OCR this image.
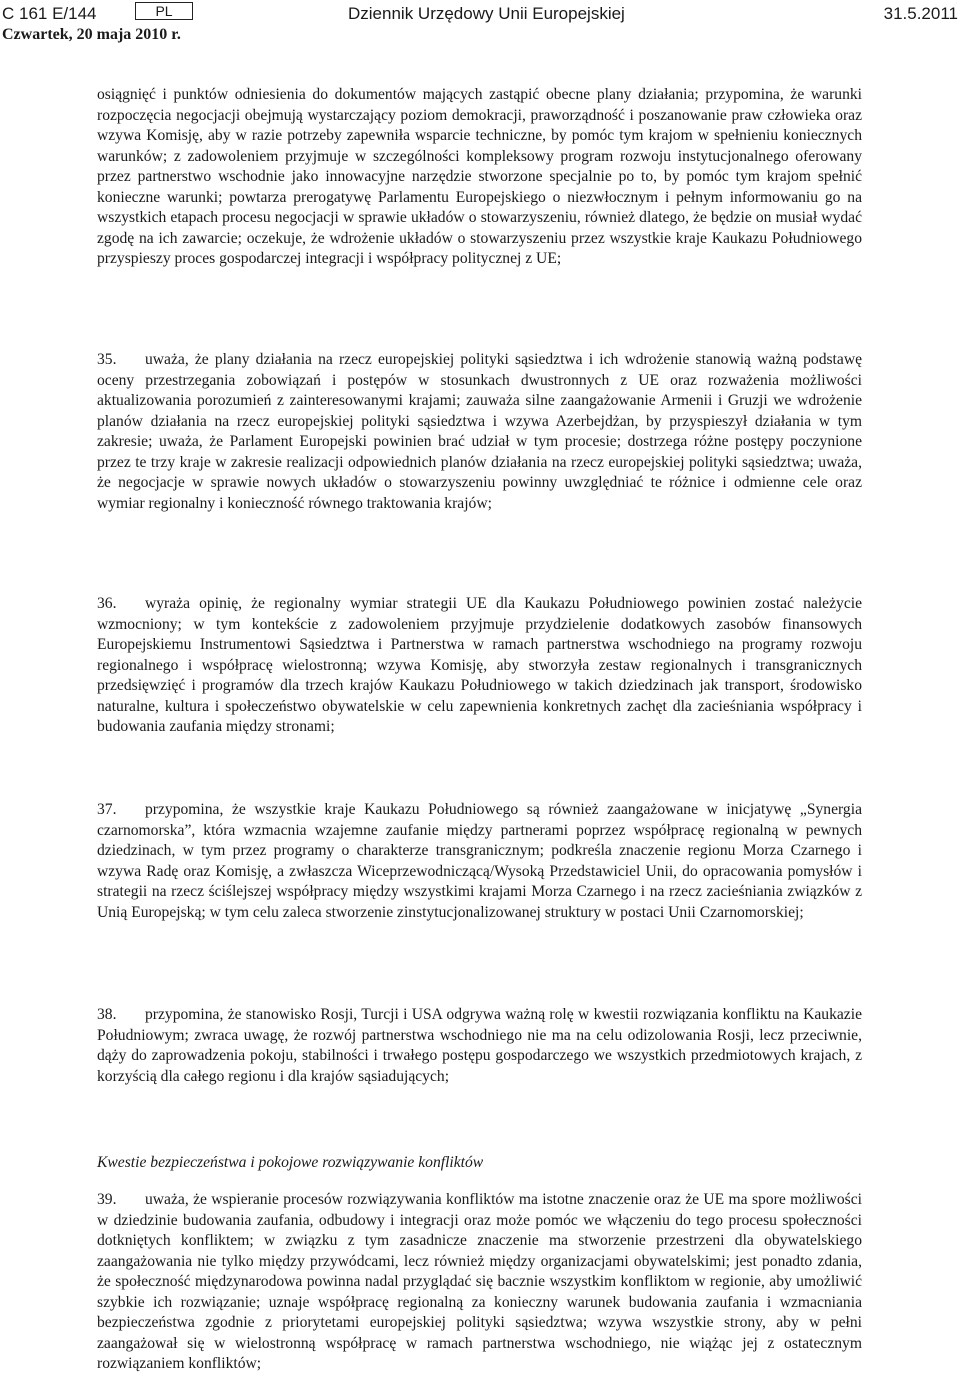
C 161 E/144	PL	Dziennik Urzędowy Unii Europejskiej	31.5.2011
Czwartek, 20 maja 2010 r.

osiągnięć i punktów odniesienia do dokumentów mających zastąpić obecne plany działania; przypomina, że warunki rozpoczęcia negocjacji obejmują wystarczający poziom demokracji, praworządność i poszanowanie praw człowieka oraz wzywa Komisję, aby w razie potrzeby zapewniła wsparcie techniczne, by pomóc tym krajom w spełnieniu koniecznych warunków; z zadowoleniem przyjmuje w szczególności kompleksowy program rozwoju instytucjonalnego oferowany przez partnerstwo wschodnie jako innowacyjne narzędzie stworzone specjalnie po to, by pomóc tym krajom spełnić konieczne warunki; powtarza prerogatywę Parlamentu Europejskiego o niezwłocznym i pełnym informowaniu go na wszystkich etapach procesu negocjacji w sprawie układów o stowarzyszeniu, również dlatego, że będzie on musiał wydać zgodę na ich zawarcie; oczekuje, że wdrożenie układów o stowarzyszeniu przez wszystkie kraje Kaukazu Południowego przyspieszy proces gospodarczej integracji i współpracy politycznej z UE;

35. uważa, że plany działania na rzecz europejskiej polityki sąsiedztwa i ich wdrożenie stanowią ważną podstawę oceny przestrzegania zobowiązań i postępów w stosunkach dwustronnych z UE oraz rozważenia możliwości aktualizowania porozumień z zainteresowanymi krajami; zauważa silne zaangażowanie Armenii i Gruzji we wdrożenie planów działania na rzecz europejskiej polityki sąsiedztwa i wzywa Azerbejdżan, by przyspieszył działania w tym zakresie; uważa, że Parlament Europejski powinien brać udział w tym procesie; dostrzega różne postępy poczynione przez te trzy kraje w zakresie realizacji odpowiednich planów działania na rzecz europejskiej polityki sąsiedztwa; uważa, że negocjacje w sprawie nowych układów o stowarzyszeniu powinny uwzględniać te różnice i odmienne cele oraz wymiar regionalny i konieczność równego traktowania krajów;

36. wyraża opinię, że regionalny wymiar strategii UE dla Kaukazu Południowego powinien zostać należycie wzmocniony; w tym kontekście z zadowoleniem przyjmuje przydzielenie dodatkowych zasobów finansowych Europejskiemu Instrumentowi Sąsiedztwa i Partnerstwa w ramach partnerstwa wschodniego na programy rozwoju regionalnego i współpracę wielostronną; wzywa Komisję, aby stworzyła zestaw regionalnych i transgranicznych przedsięwzięć i programów dla trzech krajów Kaukazu Południowego w takich dziedzinach jak transport, środowisko naturalne, kultura i społeczeństwo obywatelskie w celu zapewnienia konkretnych zachęt dla zacieśniania współpracy i budowania zaufania między stronami;

37. przypomina, że wszystkie kraje Kaukazu Południowego są również zaangażowane w inicjatywę „Synergia czarnomorska”, która wzmacnia wzajemne zaufanie między partnerami poprzez współpracę regionalną w pewnych dziedzinach, w tym przez programy o charakterze transgranicznym; podkreśla znaczenie regionu Morza Czarnego i wzywa Radę oraz Komisję, a zwłaszcza Wiceprzewodniczącą/Wysoką Przedstawiciel Unii, do opracowania pomysłów i strategii na rzecz ściślejszej współpracy między wszystkimi krajami Morza Czarnego i na rzecz zacieśniania związków z Unią Europejską; w tym celu zaleca stworzenie zinstytucjonalizowanej struktury w postaci Unii Czarnomorskiej;

38. przypomina, że stanowisko Rosji, Turcji i USA odgrywa ważną rolę w kwestii rozwiązania konfliktu na Kaukazie Południowym; zwraca uwagę, że rozwój partnerstwa wschodniego nie ma na celu odizolowania Rosji, lecz przeciwnie, dąży do zaprowadzenia pokoju, stabilności i trwałego postępu gospodarczego we wszystkich przedmiotowych krajach, z korzyścią dla całego regionu i dla krajów sąsiadujących;

Kwestie bezpieczeństwa i pokojowe rozwiązywanie konfliktów

39. uważa, że wspieranie procesów rozwiązywania konfliktów ma istotne znaczenie oraz że UE ma spore możliwości w dziedzinie budowania zaufania, odbudowy i integracji oraz może pomóc we włączeniu do tego procesu społeczności dotkniętych konfliktem; w związku z tym zasadnicze znaczenie ma stworzenie przestrzeni dla obywatelskiego zaangażowania nie tylko między przywódcami, lecz również między organizacjami obywatelskimi; jest ponadto zdania, że społeczność międzynarodowa powinna nadal przyglądać się bacznie wszystkim konfliktom w regionie, aby umożliwić szybkie ich rozwiązanie; uznaje współpracę regionalną za konieczny warunek budowania zaufania i wzmacniania bezpieczeństwa zgodnie z priorytetami europejskiej polityki sąsiedztwa; wzywa wszystkie strony, aby w pełni zaangażował się w wielostronną współpracę w ramach partnerstwa wschodniego, nie wiążąc jej z ostatecznym rozwiązaniem konfliktów;
